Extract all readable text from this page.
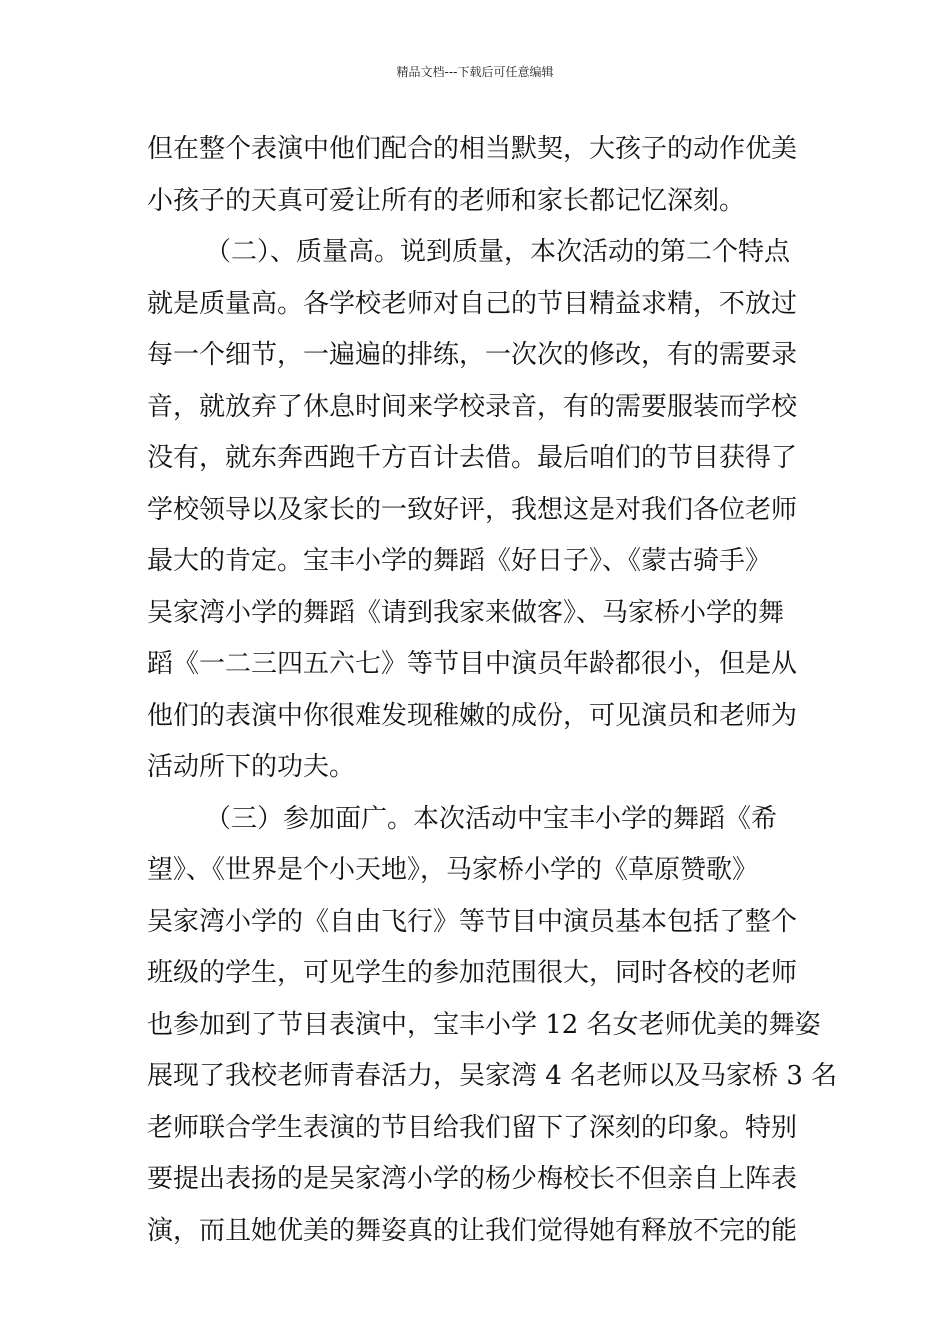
精品文档---下载后可任意编辑
但在整个表演中他们配合的相当默契，大孩子的动作优美
小孩子的天真可爱让所有的老师和家长都记忆深刻。
（二）、质量高。说到质量，本次活动的第二个特点
就是质量高。各学校老师对自己的节目精益求精，不放过
每一个细节，一遍遍的排练，一次次的修改，有的需要录
音，就放弃了休息时间来学校录音，有的需要服装而学校
没有，就东奔西跑千方百计去借。最后咱们的节目获得了
学校领导以及家长的一致好评，我想这是对我们各位老师
最大的肯定。宝丰小学的舞蹈《好日子》、《蒙古骑手》
吴家湾小学的舞蹈《请到我家来做客》、马家桥小学的舞
蹈《一二三四五六七》等节目中演员年龄都很小，但是从
他们的表演中你很难发现稚嫩的成份，可见演员和老师为
活动所下的功夫。
（三）参加面广。本次活动中宝丰小学的舞蹈《希
望》、《世界是个小天地》，马家桥小学的《草原赞歌》
吴家湾小学的《自由飞行》等节目中演员基本包括了整个
班级的学生，可见学生的参加范围很大，同时各校的老师
也参加到了节目表演中，宝丰小学 12 名女老师优美的舞姿
展现了我校老师青春活力，吴家湾 4 名老师以及马家桥 3 名
老师联合学生表演的节目给我们留下了深刻的印象。特别
要提出表扬的是吴家湾小学的杨少梅校长不但亲自上阵表
演，而且她优美的舞姿真的让我们觉得她有释放不完的能
